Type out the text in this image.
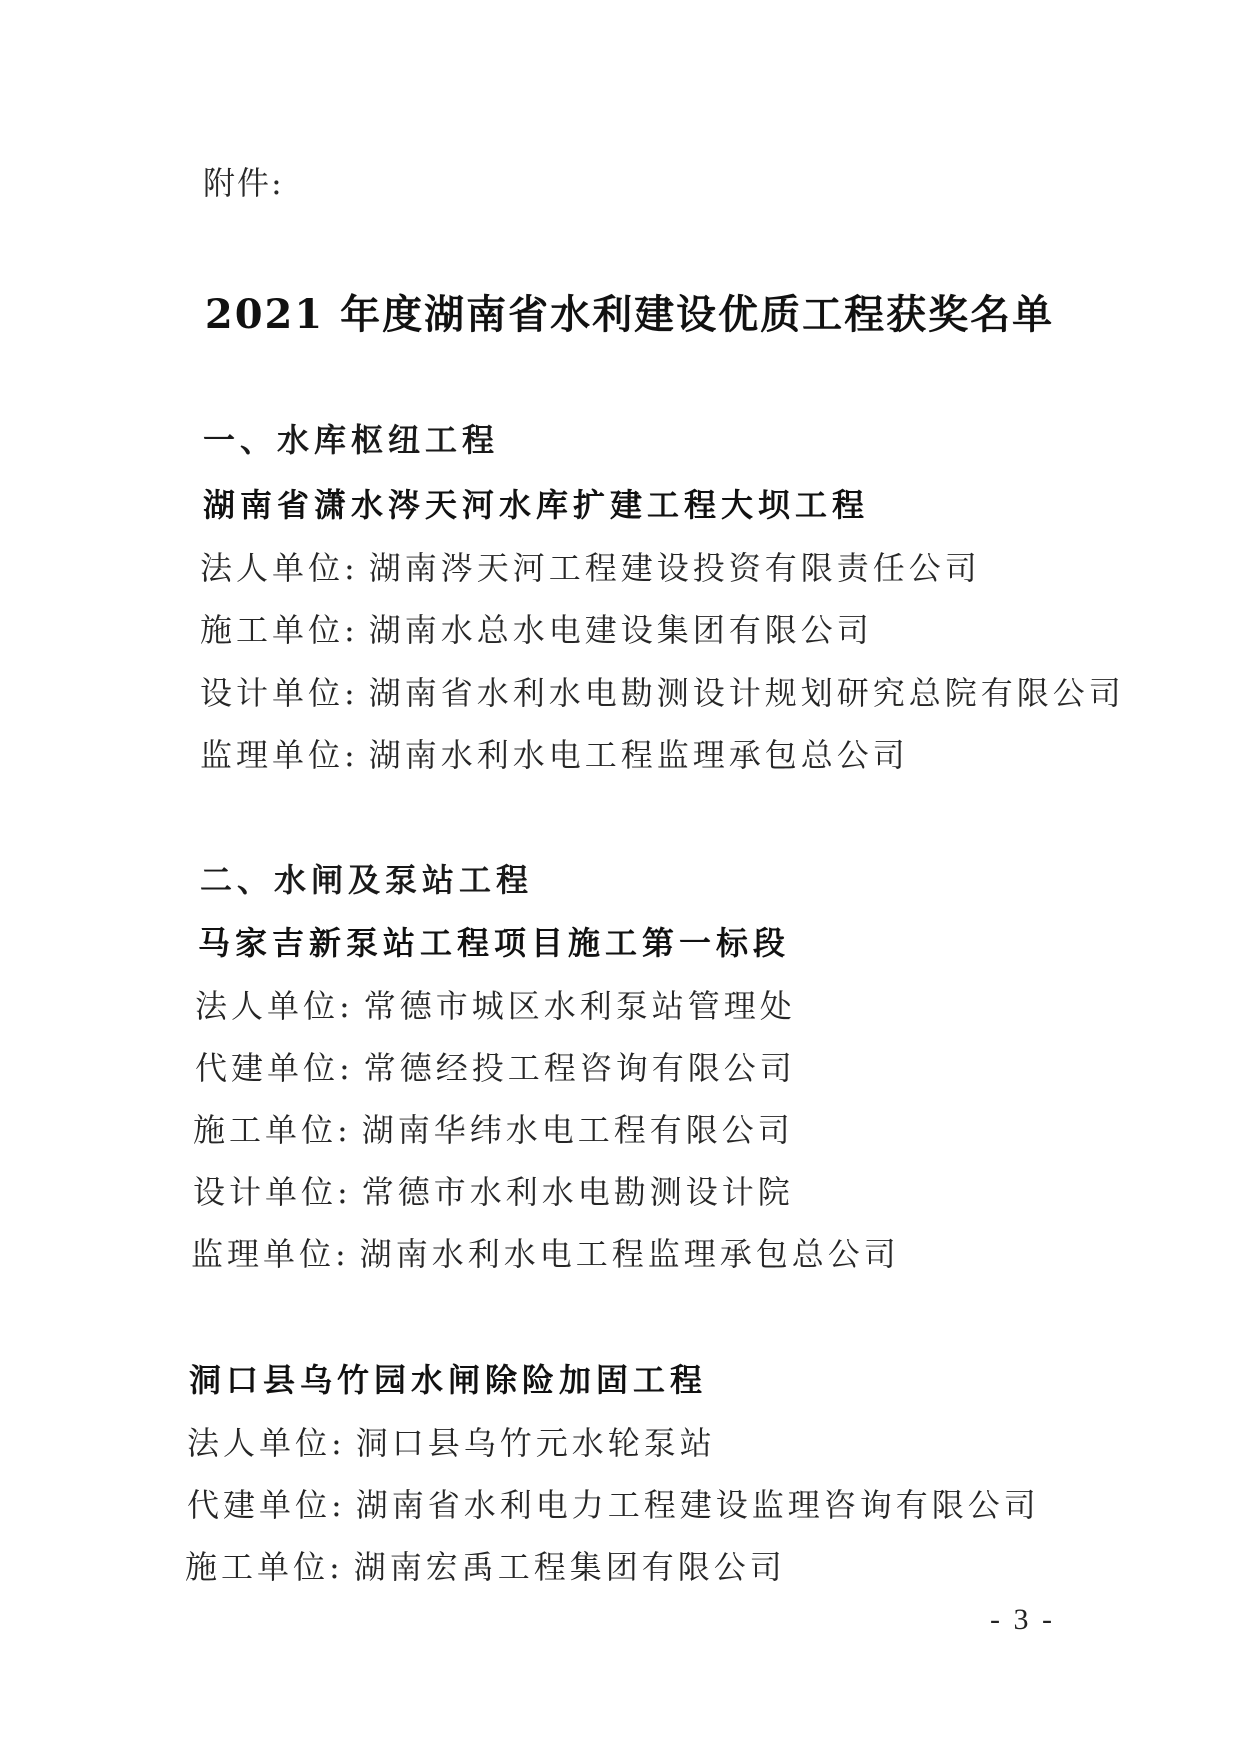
附件:
2021 年度湖南省水利建设优质工程获奖名单
一、水库枢纽工程
湖南省潇水涔天河水库扩建工程大坝工程
法人单位: 湖南涔天河工程建设投资有限责任公司
施工单位: 湖南水总水电建设集团有限公司
设计单位: 湖南省水利水电勘测设计规划研究总院有限公司
监理单位: 湖南水利水电工程监理承包总公司
二、水闸及泵站工程
马家吉新泵站工程项目施工第一标段
法人单位: 常德市城区水利泵站管理处
代建单位: 常德经投工程咨询有限公司
施工单位: 湖南华纬水电工程有限公司
设计单位: 常德市水利水电勘测设计院
监理单位: 湖南水利水电工程监理承包总公司
洞口县乌竹园水闸除险加固工程
法人单位: 洞口县乌竹元水轮泵站
代建单位: 湖南省水利电力工程建设监理咨询有限公司
施工单位: 湖南宏禹工程集团有限公司
- 3 -
